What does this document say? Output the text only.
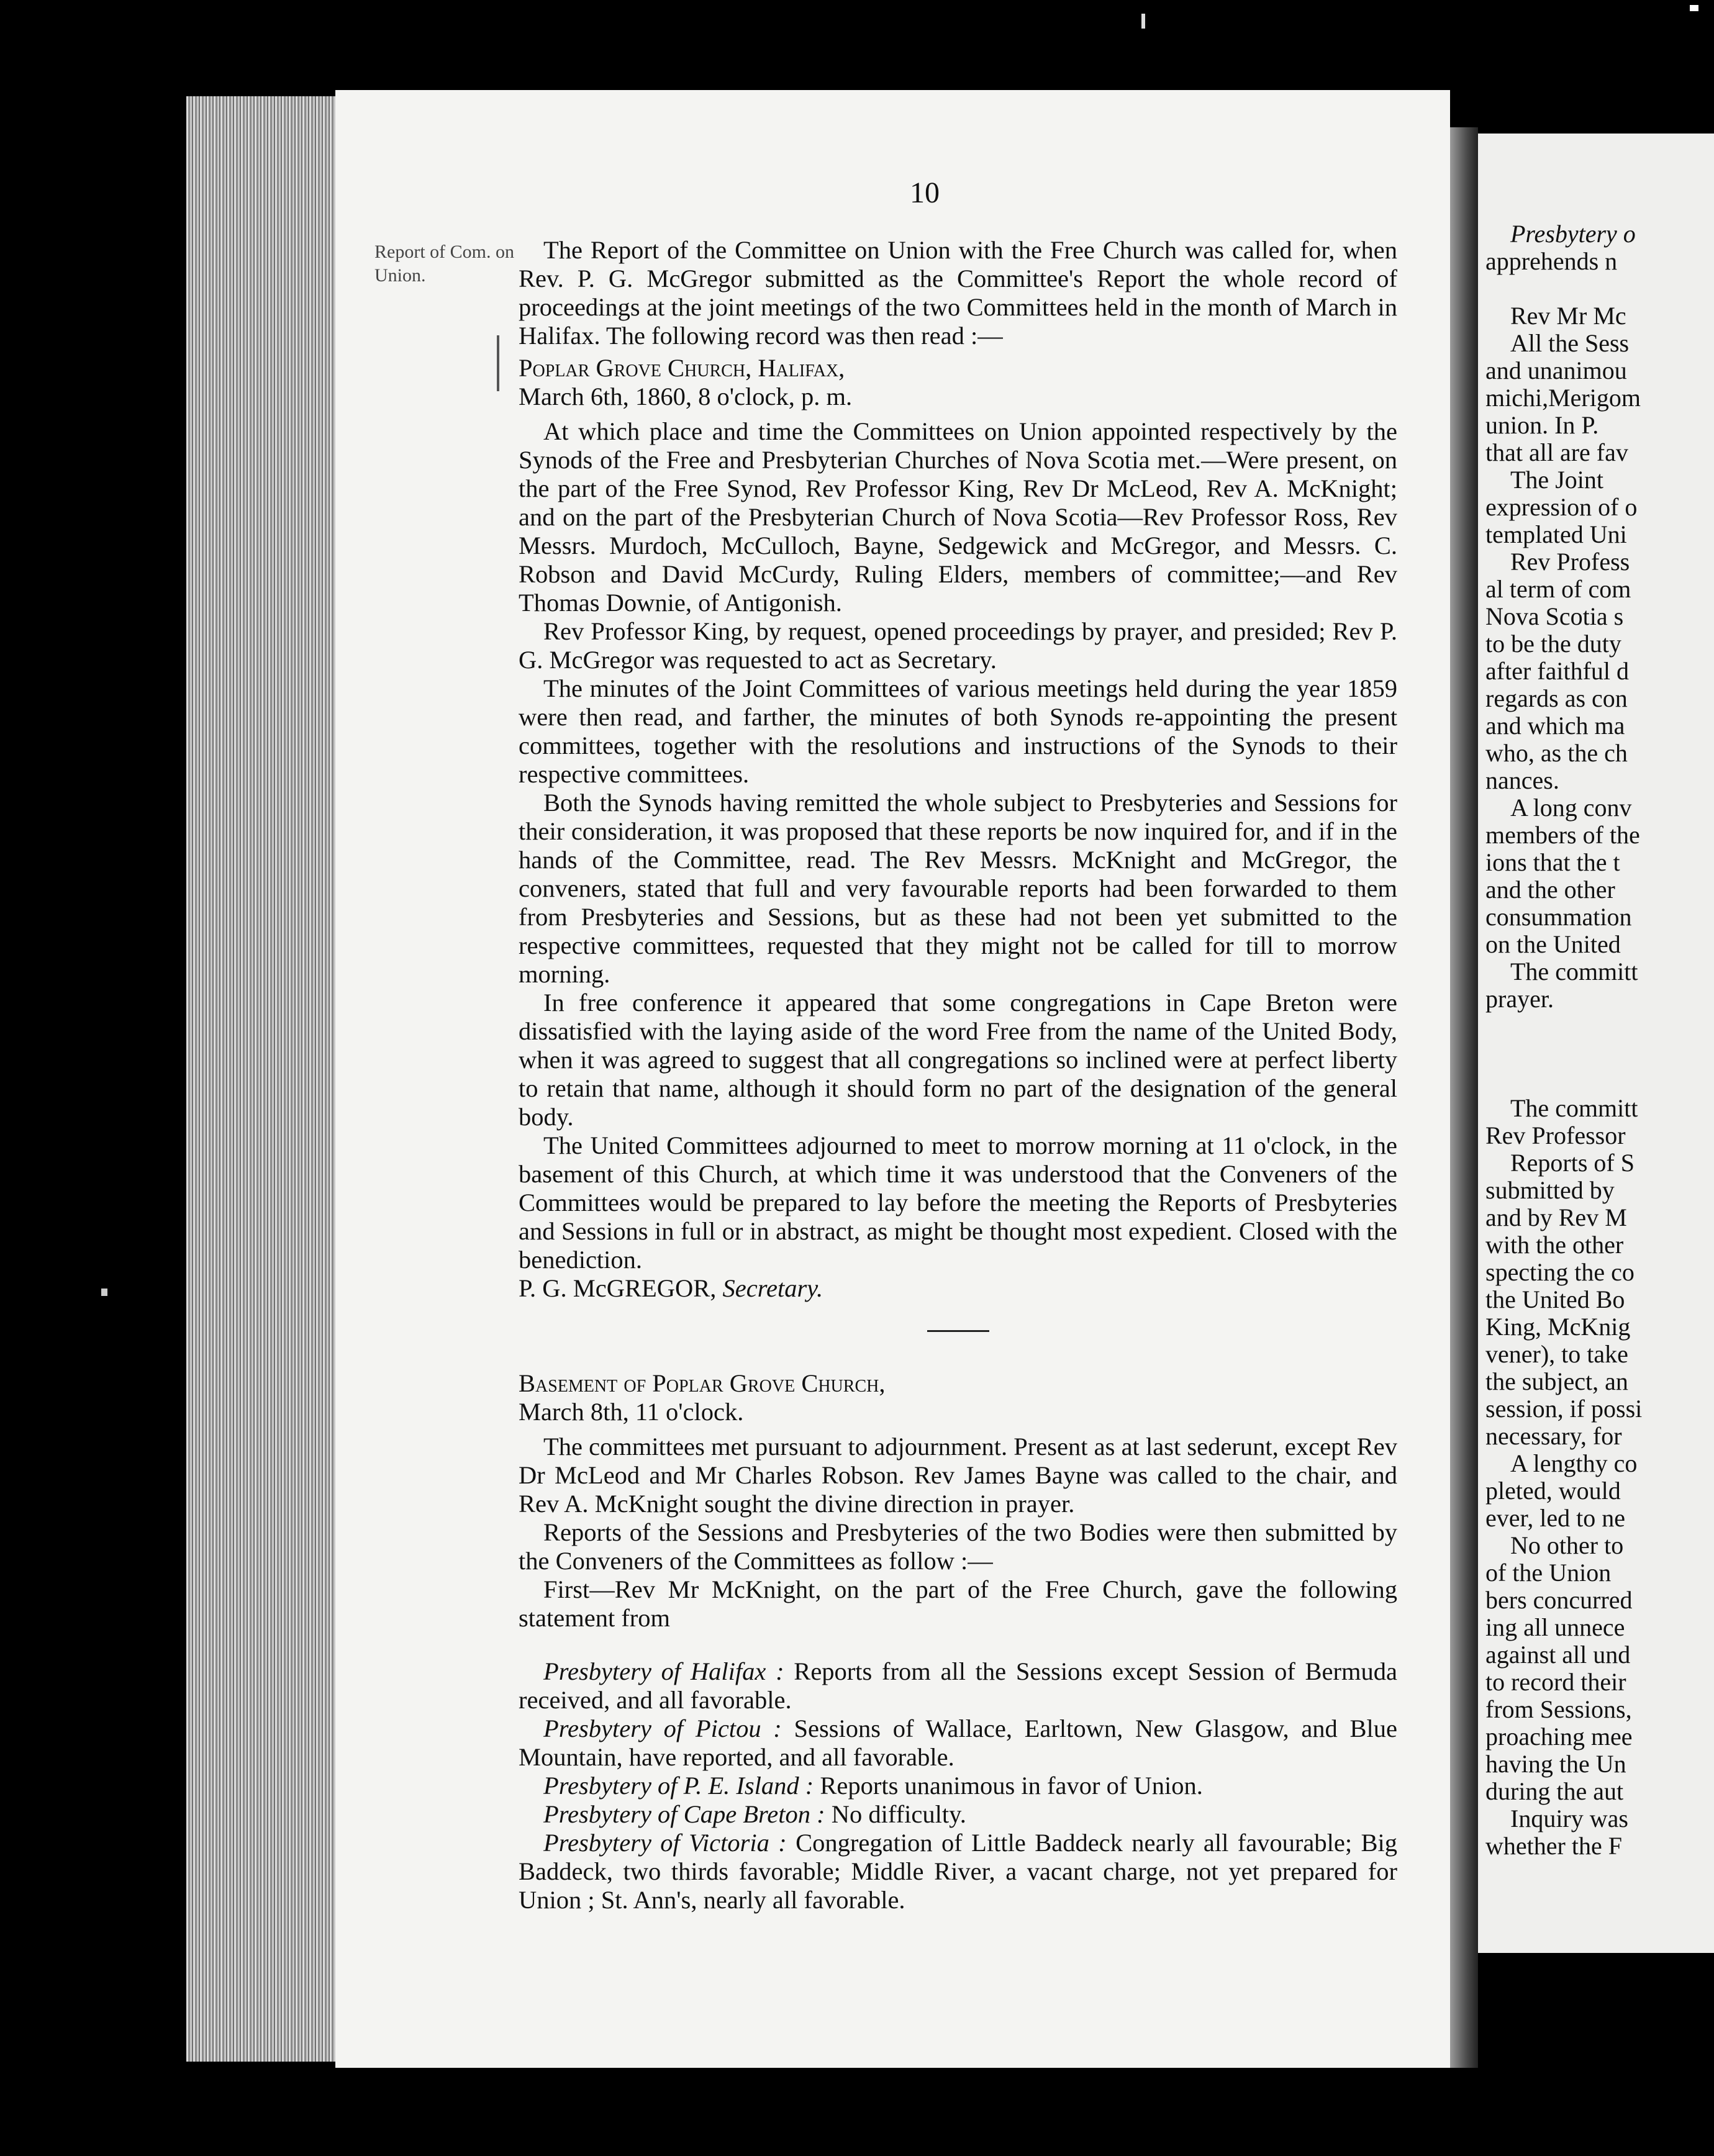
Presbytery o
apprehends n
Rev Mr Mc
All the Sess
and unanimou
michi,Merigom
union. In P.
that all are fav
The Joint
expression of o
templated Uni
Rev Profess
al term of com
Nova Scotia s
to be the duty
after faithful d
regards as con
and which ma
who, as the ch
nances.
A long conv
members of the
ions that the t
and the other
consummation
on the United
The committ
prayer.
The committ
Rev Professor
Reports of S
submitted by
and by Rev M
with the other
specting the co
the United Bo
King, McKnig
vener), to take
the subject, an
session, if possi
necessary, for
A lengthy co
pleted, would
ever, led to ne
No other to
of the Union
bers concurred
ing all unnece
against all und
to record their
from Sessions,
proaching mee
having the Un
during the aut
Inquiry was
whether the F
10
Report of Com. on Union.

The Report of the Committee on Union with the Free Church was called for, when Rev. P. G. McGregor submitted as the Committee's Report the whole record of proceedings at the joint meetings of the two Committees held in the month of March in Halifax. The following record was then read :—

Poplar Grove Church, Halifax,

March 6th, 1860, 8 o'clock, p. m.

At which place and time the Committees on Union appointed respectively by the Synods of the Free and Presbyterian Churches of Nova Scotia met.—Were present, on the part of the Free Synod, Rev Professor King, Rev Dr McLeod, Rev A. McKnight; and on the part of the Presbyterian Church of Nova Scotia—Rev Professor Ross, Rev Messrs. Murdoch, McCulloch, Bayne, Sedgewick and McGregor, and Messrs. C. Robson and David McCurdy, Ruling Elders, members of committee;—and Rev Thomas Downie, of Antigonish.

Rev Professor King, by request, opened proceedings by prayer, and presided; Rev P. G. McGregor was requested to act as Secretary.

The minutes of the Joint Committees of various meetings held during the year 1859 were then read, and farther, the minutes of both Synods re-appointing the present committees, together with the resolutions and instructions of the Synods to their respective committees.

Both the Synods having remitted the whole subject to Presbyteries and Sessions for their consideration, it was proposed that these reports be now inquired for, and if in the hands of the Committee, read. The Rev Messrs. McKnight and McGregor, the conveners, stated that full and very favourable reports had been forwarded to them from Presbyteries and Sessions, but as these had not been yet submitted to the respective committees, requested that they might not be called for till to morrow morning.

In free conference it appeared that some congregations in Cape Breton were dissatisfied with the laying aside of the word Free from the name of the United Body, when it was agreed to suggest that all congregations so inclined were at perfect liberty to retain that name, although it should form no part of the designation of the general body.

The United Committees adjourned to meet to morrow morning at 11 o'clock, in the basement of this Church, at which time it was understood that the Conveners of the Committees would be prepared to lay before the meeting the Reports of Presbyteries and Sessions in full or in abstract, as might be thought most expedient. Closed with the benediction.

P. G. McGREGOR, Secretary.

Basement of Poplar Grove Church,

March 8th, 11 o'clock.

The committees met pursuant to adjournment. Present as at last sederunt, except Rev Dr McLeod and Mr Charles Robson. Rev James Bayne was called to the chair, and Rev A. McKnight sought the divine direction in prayer.

Reports of the Sessions and Presbyteries of the two Bodies were then submitted by the Conveners of the Committees as follow :—

First—Rev Mr McKnight, on the part of the Free Church, gave the following statement from

Presbytery of Halifax : Reports from all the Sessions except Session of Bermuda received, and all favorable.

Presbytery of Pictou : Sessions of Wallace, Earltown, New Glasgow, and Blue Mountain, have reported, and all favorable.

Presbytery of P. E. Island : Reports unanimous in favor of Union.

Presbytery of Cape Breton : No difficulty.

Presbytery of Victoria : Congregation of Little Baddeck nearly all favourable; Big Baddeck, two thirds favorable; Middle River, a vacant charge, not yet prepared for Union ; St. Ann's, nearly all favorable.
